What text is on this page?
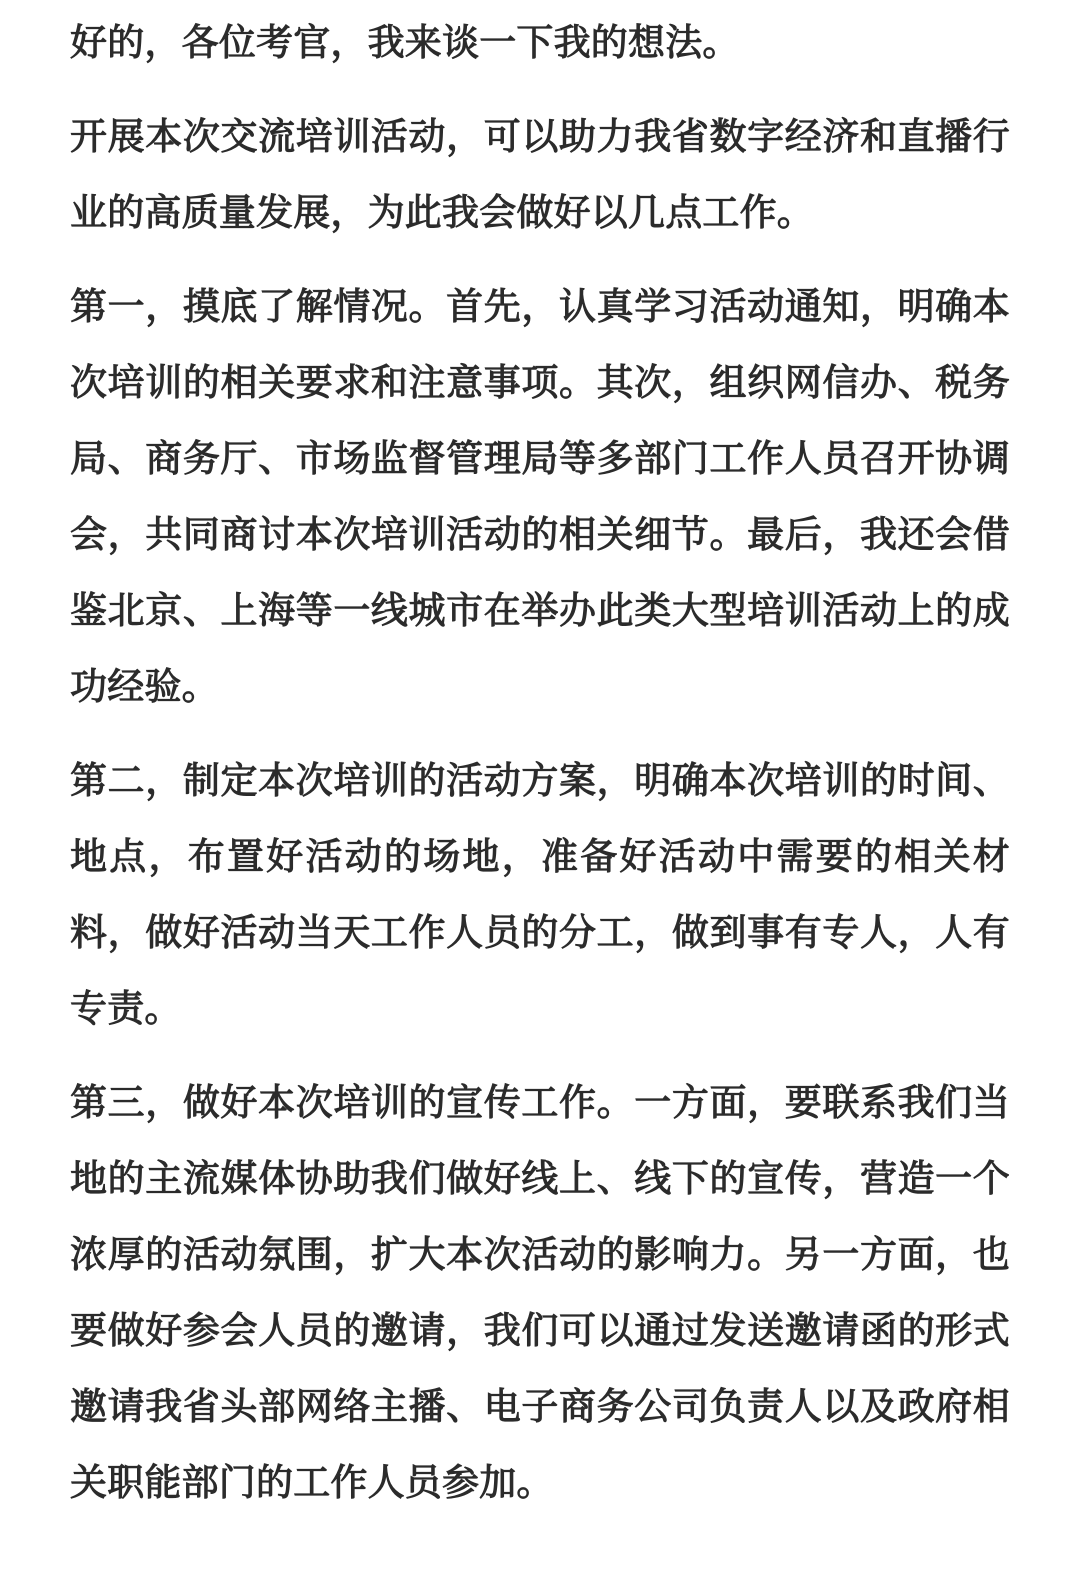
好的，各位考官，我来谈一下我的想法。

开展本次交流培训活动，可以助力我省数字经济和直播行业的高质量发展，为此我会做好以几点工作。

第一，摸底了解情况。首先，认真学习活动通知，明确本次培训的相关要求和注意事项。其次，组织网信办、税务局、商务厅、市场监督管理局等多部门工作人员召开协调会，共同商讨本次培训活动的相关细节。最后，我还会借鉴北京、上海等一线城市在举办此类大型培训活动上的成功经验。

第二，制定本次培训的活动方案，明确本次培训的时间、地点，布置好活动的场地，准备好活动中需要的相关材料，做好活动当天工作人员的分工，做到事有专人，人有专责。

第三，做好本次培训的宣传工作。一方面，要联系我们当地的主流媒体协助我们做好线上、线下的宣传，营造一个浓厚的活动氛围，扩大本次活动的影响力。另一方面，也要做好参会人员的邀请，我们可以通过发送邀请函的形式邀请我省头部网络主播、电子商务公司负责人以及政府相关职能部门的工作人员参加。
